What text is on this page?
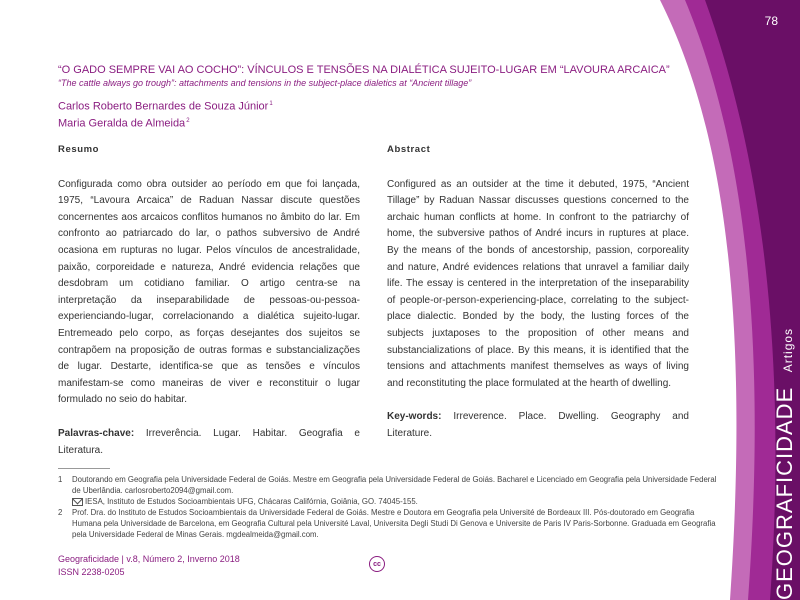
78
GEOGRAFICIDADE Artigos
“O GADO SEMPRE VAI AO COCHO”: VÍNCULOS E TENSÕES NA DIALÉTICA SUJEITO-LUGAR EM “LAVOURA ARCAICA”
“The cattle always go trough”: attachments and tensions in the subject-place dialetics at “Ancient tillage”
Carlos Roberto Bernardes de Souza Júnior$^1$
Maria Geralda de Almeida$^2$
Resumo

Configurada como obra outsider ao período em que foi lançada, 1975, “Lavoura Arcaica” de Raduan Nassar discute questões concernentes aos arcaicos conflitos humanos no âmbito do lar. Em confronto ao patriarcado do lar, o pathos subversivo de André ocasiona em rupturas no lugar. Pelos vínculos de ancestralidade, paixão, corporeidade e natureza, André evidencia relações que desdobram um cotidiano familiar. O artigo centra-se na interpretação da inseparabilidade de pessoas-ou-pessoa-experienciando-lugar, correlacionando a dialética sujeito-lugar. Entremeado pelo corpo, as forças desejantes dos sujeitos se contrapõem na proposição de outras formas e substancializações de lugar. Destarte, identifica-se que as tensões e vínculos manifestam-se como maneiras de viver e reconstituir o lugar formulado no seio do habitar.

Palavras-chave: Irreverência. Lugar. Habitar. Geografia e Literatura.

Abstract

Configured as an outsider at the time it debuted, 1975, “Ancient Tillage” by Raduan Nassar discusses questions concerned to the archaic human conflicts at home. In confront to the patriarchy of home, the subversive pathos of André incurs in ruptures at place. By the means of the bonds of ancestorship, passion, corporeality and nature, André evidences relations that unravel a familiar daily life. The essay is centered in the interpretation of the inseparability of people-or-person-experiencing-place, correlating to the subject-place dialectic. Bonded by the body, the lusting forces of the subjects juxtaposes to the proposition of other means and substancializations of place. By this means, it is identified that the tensions and attachments manifest themselves as ways of living and reconstituting the place formulated at the hearth of dwelling.

Key-words: Irreverence. Place. Dwelling. Geography and Literature.

1	Doutorando em Geografia pela Universidade Federal de Goiás. Mestre em Geografia pela Universidade Federal de Goiás. Bacharel e Licenciado em Geografia pela Universidade Federal de Uberlândia. carlosroberto2094@gmail.com.
IESA, Instituto de Estudos Socioambientais UFG, Chácaras Califórnia, Goiânia, GO. 74045-155.
2	Prof. Dra. do Instituto de Estudos Socioambientais da Universidade Federal de Goiás. Mestre e Doutora em Geografia pela Université de Bordeaux III. Pós-doutorado em Geografia Humana pela Universidade de Barcelona, em Geografia Cultural pela Université Laval, Universita Degli Studi Di Genova e Universite de Paris IV Paris-Sorbonne. Graduada em Geografia pela Universidade Federal de Minas Gerais. mgdealmeida@gmail.com.
Geograficidade | v.8, Número 2, Inverno 2018
ISSN 2238-0205
cc
